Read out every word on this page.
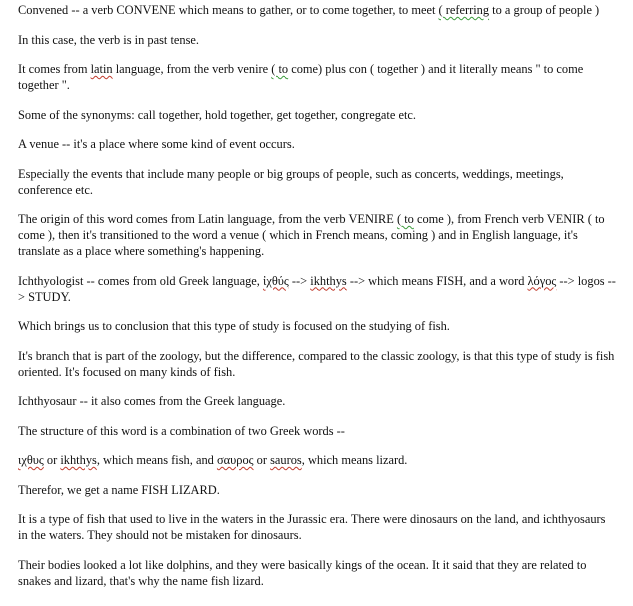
Convened -- a verb CONVENE which means to gather, or to come together, to meet ( referring to a group of people )

In this case, the verb is in past tense.

It comes from latin language, from the verb venire ( to come) plus con ( together ) and it literally means " to come together ".

Some of the synonyms: call together, hold together, get together, congregate etc.

A venue -- it's a place where some kind of event occurs.

Especially the events that include many people or big groups of people, such as concerts, weddings, meetings, conference etc.

The origin of this word comes from Latin language, from the verb VENIRE ( to come ), from French verb VENIR ( to come ), then it's transitioned to the word a venue ( which in French means, coming ) and in English language, it's translate as a place where something's happening.

Ichthyologist -- comes from old Greek language, ἰχθύς --> ikhthys --> which means FISH, and a word λόγος --> logos -- > STUDY.

Which brings us to conclusion that this type of study is focused on the studying of fish.

It's branch that is part of the zoology, but the difference, compared to the classic zoology, is that this type of study is fish oriented. It's focused on many kinds of fish.

Ichthyosaur -- it also comes from the Greek language.

The structure of this word is a combination of two Greek words --

ιχθυς or ikhthys, which means fish, and σαυρος or sauros, which means lizard.

Therefor, we get a name FISH LIZARD.

It is a type of fish that used to live in the waters in the Jurassic era. There were dinosaurs on the land, and ichthyosaurs in the waters. They should not be mistaken for dinosaurs.

Their bodies looked a lot like dolphins, and they were basically kings of the ocean. It it said that they are related to snakes and lizard, that's why the name fish lizard.
